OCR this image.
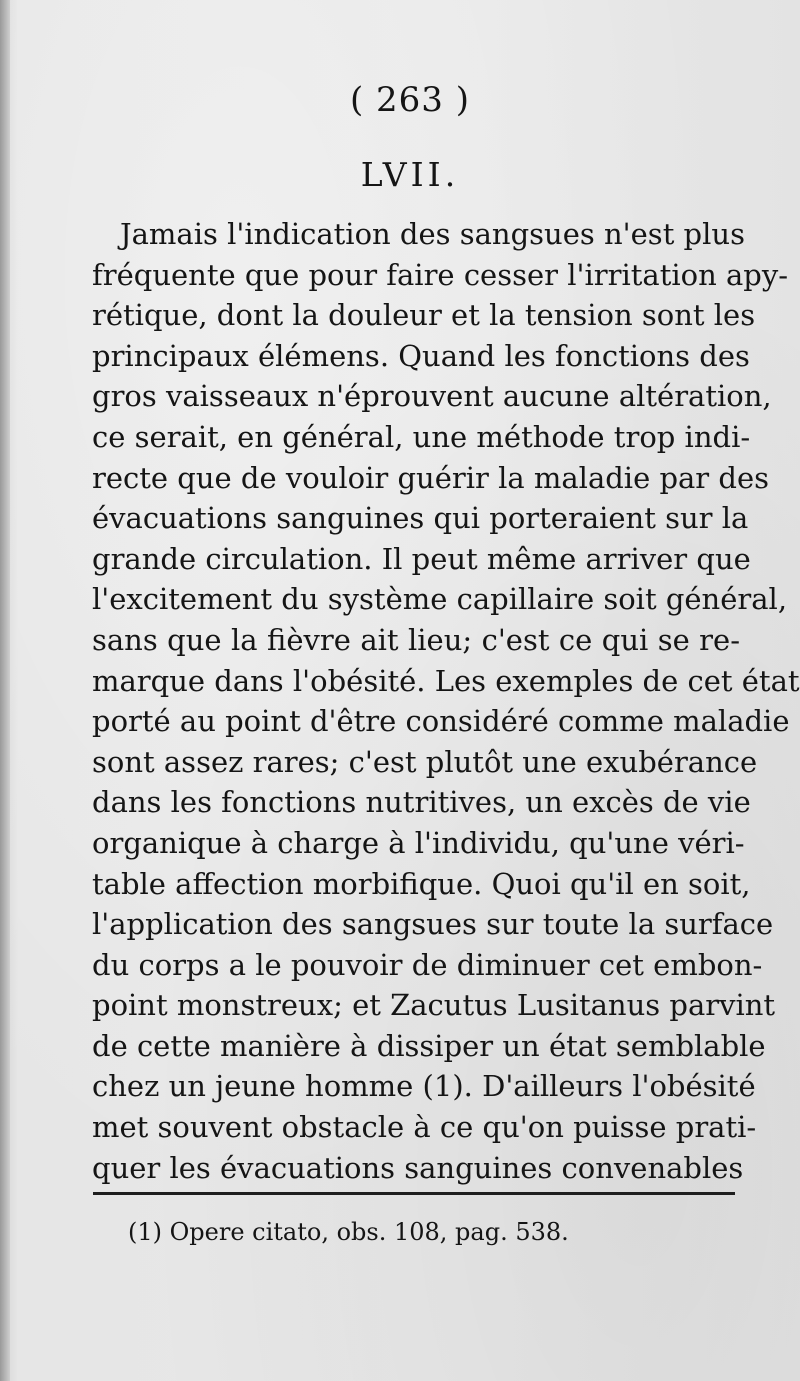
( 263 )
LVII.
Jamais l'indication des sangsues n'est plus
fréquente que pour faire cesser l'irritation apy-
rétique, dont la douleur et la tension sont les
principaux élémens. Quand les fonctions des
gros vaisseaux n'éprouvent aucune altération,
ce serait, en général, une méthode trop indi-
recte que de vouloir guérir la maladie par des
évacuations sanguines qui porteraient sur la
grande circulation. Il peut même arriver que
l'excitement du système capillaire soit général,
sans que la fièvre ait lieu; c'est ce qui se re-
marque dans l'obésité. Les exemples de cet état
porté au point d'être considéré comme maladie
sont assez rares; c'est plutôt une exubérance
dans les fonctions nutritives, un excès de vie
organique à charge à l'individu, qu'une véri-
table affection morbifique. Quoi qu'il en soit,
l'application des sangsues sur toute la surface
du corps a le pouvoir de diminuer cet embon-
point monstreux; et Zacutus Lusitanus parvint
de cette manière à dissiper un état semblable
chez un jeune homme (1). D'ailleurs l'obésité
met souvent obstacle à ce qu'on puisse prati-
quer les évacuations sanguines convenables
(1) Opere citato, obs. 108, pag. 538.
